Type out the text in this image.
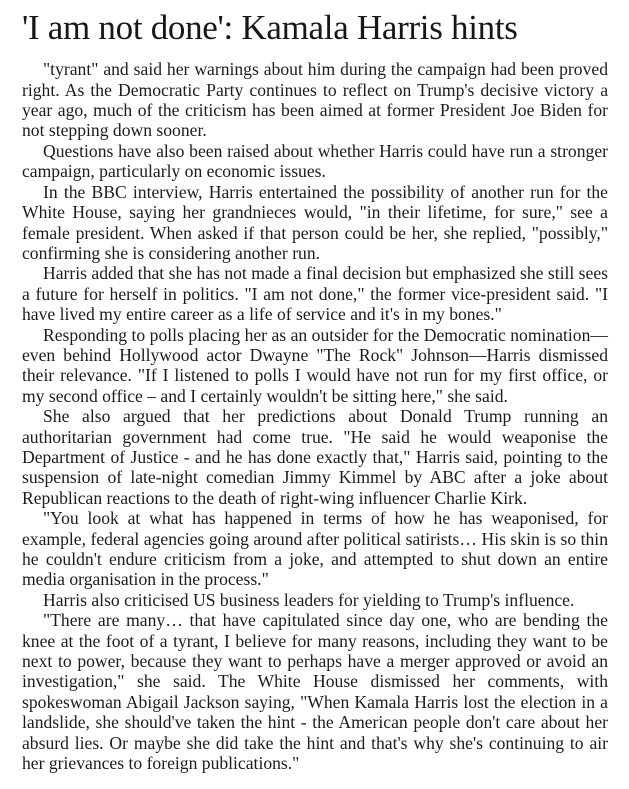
'I am not done': Kamala Harris hints

"tyrant" and said her warnings about him during the campaign had been proved right. As the Democratic Party continues to reflect on Trump's decisive victory a year ago, much of the criticism has been aimed at former President Joe Biden for not stepping down sooner.

Questions have also been raised about whether Harris could have run a stronger campaign, particularly on economic issues.

In the BBC interview, Harris entertained the possibility of another run for the White House, saying her grandnieces would, "in their lifetime, for sure," see a female president. When asked if that person could be her, she replied, "possibly," confirming she is considering another run.

Harris added that she has not made a final decision but emphasized she still sees a future for herself in politics. "I am not done," the former vice-president said. "I have lived my entire career as a life of service and it's in my bones."

Responding to polls placing her as an outsider for the Democratic nomination—even behind Hollywood actor Dwayne "The Rock" Johnson—Harris dismissed their relevance. "If I listened to polls I would have not run for my first office, or my second office – and I certainly wouldn't be sitting here," she said.

She also argued that her predictions about Donald Trump running an authoritarian government had come true. "He said he would weaponise the Department of Justice - and he has done exactly that," Harris said, pointing to the suspension of late-night comedian Jimmy Kimmel by ABC after a joke about Republican reactions to the death of right-wing influencer Charlie Kirk.

"You look at what has happened in terms of how he has weaponised, for example, federal agencies going around after political satirists… His skin is so thin he couldn't endure criticism from a joke, and attempted to shut down an entire media organisation in the process."

Harris also criticised US business leaders for yielding to Trump's influence.

"There are many… that have capitulated since day one, who are bending the knee at the foot of a tyrant, I believe for many reasons, including they want to be next to power, because they want to perhaps have a merger approved or avoid an investigation," she said. The White House dismissed her comments, with spokeswoman Abigail Jackson saying, "When Kamala Harris lost the election in a landslide, she should've taken the hint - the American people don't care about her absurd lies. Or maybe she did take the hint and that's why she's continuing to air her grievances to foreign publications."
